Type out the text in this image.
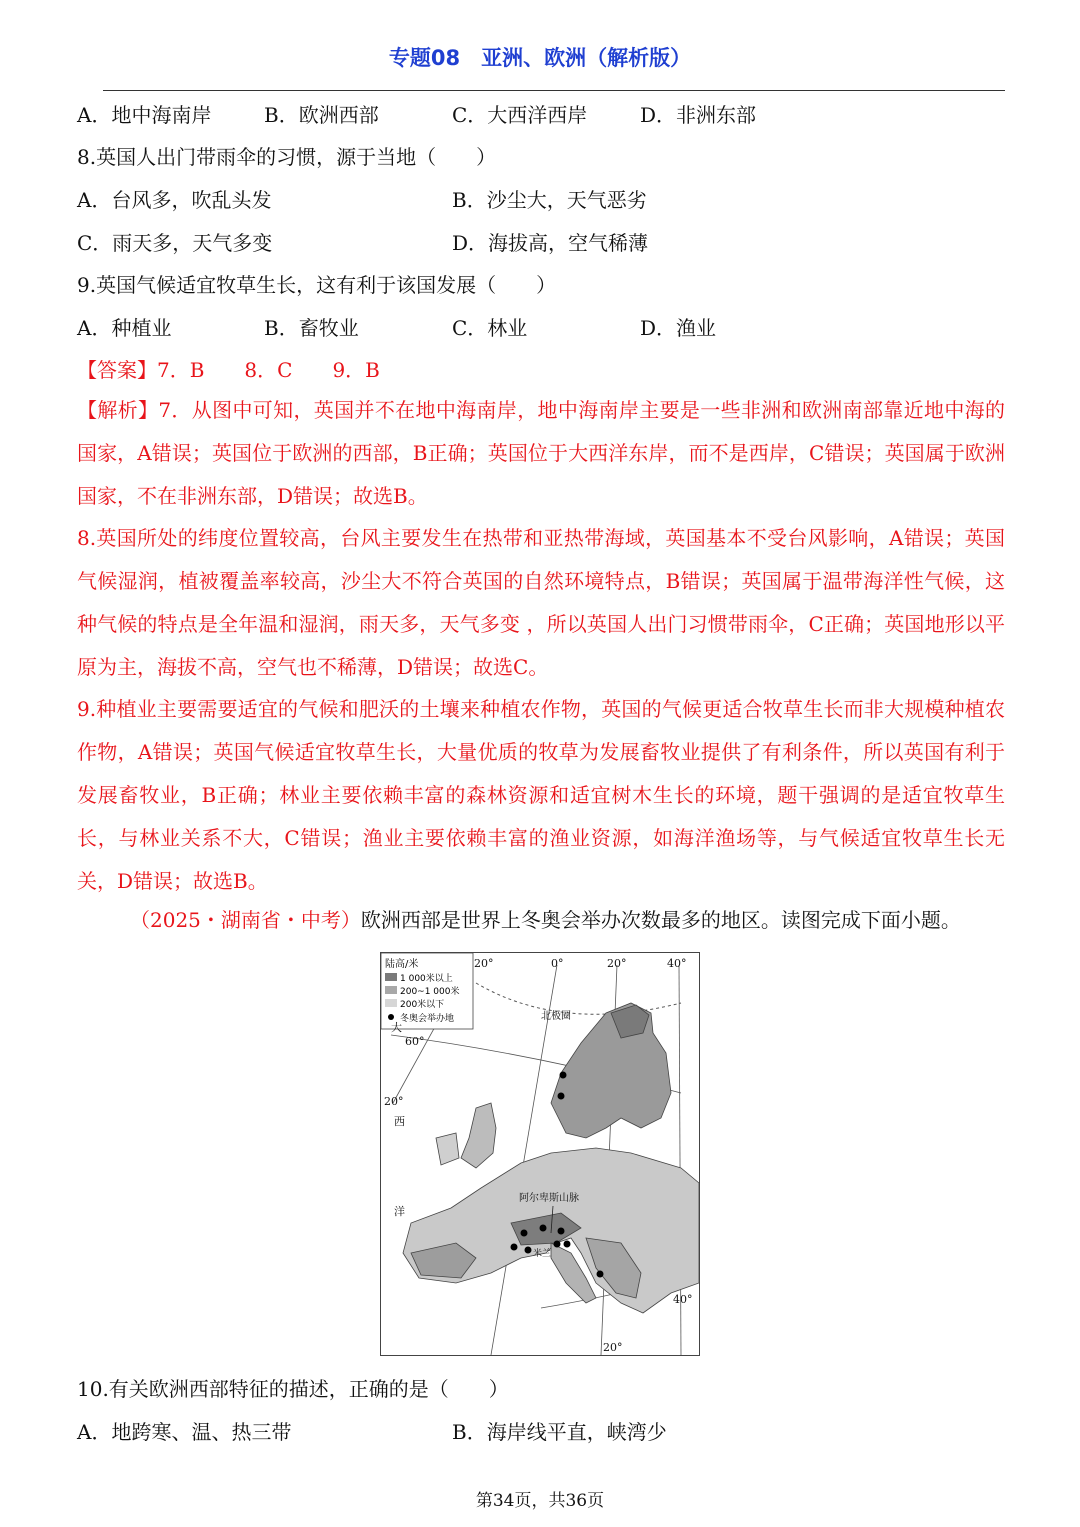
专题08　亚洲、欧洲（解析版）
A．地中海南岸	B．欧洲西部	C．大西洋西岸	D．非洲东部
8.英国人出门带雨伞的习惯，源于当地（　　）
A．台风多，吹乱头发	B．沙尘大，天气恶劣
C．雨天多，天气多变	D．海拔高，空气稀薄
9.英国气候适宜牧草生长，这有利于该国发展（　　）
A．种植业	B．畜牧业	C．林业	D．渔业
【答案】7．B　　8．C　　9．B
【解析】7．从图中可知，英国并不在地中海南岸，地中海南岸主要是一些非洲和欧洲南部靠近地中海的国家，A错误；英国位于欧洲的西部，B正确；英国位于大西洋东岸，而不是西岸，C错误；英国属于欧洲国家，不在非洲东部，D错误；故选B。
8.英国所处的纬度位置较高，台风主要发生在热带和亚热带海域，英国基本不受台风影响，A错误；英国气候湿润，植被覆盖率较高，沙尘大不符合英国的自然环境特点，B错误；英国属于温带海洋性气候，这种气候的特点是全年温和湿润，雨天多，天气多变 ，所以英国人出门习惯带雨伞，C正确；英国地形以平原为主，海拔不高，空气也不稀薄，D错误；故选C。
9.种植业主要需要适宜的气候和肥沃的土壤来种植农作物，英国的气候更适合牧草生长而非大规模种植农作物，A错误；英国气候适宜牧草生长，大量优质的牧草为发展畜牧业提供了有利条件，所以英国有利于发展畜牧业，B正确；林业主要依赖丰富的森林资源和适宜树木生长的环境，题干强调的是适宜牧草生长，与林业关系不大，C错误；渔业主要依赖丰富的渔业资源，如海洋渔场等，与气候适宜牧草生长无关，D错误；故选B。
（2025・湖南省・中考）欧洲西部是世界上冬奥会举办次数最多的地区。读图完成下面小题。
陆高/米
1 000米以上
200~1 000米
200米以下
冬奥会举办地
20°	0°	20°	40°
60°
20°
40°
20°
北极圈
大
西
洋
阿尔卑斯山脉
米兰
10.有关欧洲西部特征的描述，正确的是（　　）
A．地跨寒、温、热三带	B．海岸线平直，峡湾少
第34页，共36页
